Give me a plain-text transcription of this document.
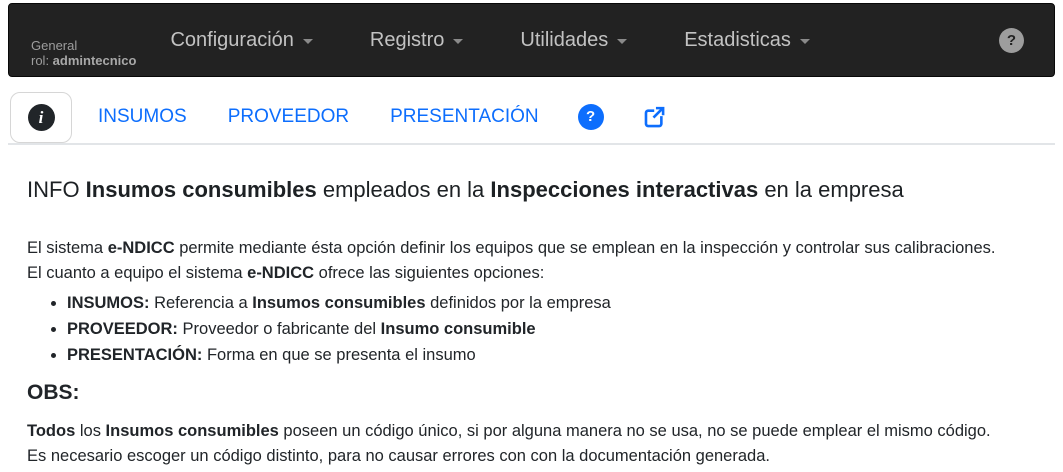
General
rol: admintecnico
Configuración	Registro	Utilidades	Estadisticas	?
i	INSUMOS PROVEEDOR PRESENTACIÓN	?
INFO Insumos consumibles empleados en la Inspecciones interactivas en la empresa
El sistema e-NDICC permite mediante ésta opción definir los equipos que se emplean en la inspección y controlar sus calibraciones.
El cuanto a equipo el sistema e-NDICC ofrece las siguientes opciones:
• INSUMOS: Referencia a Insumos consumibles definidos por la empresa
• PROVEEDOR: Proveedor o fabricante del Insumo consumible
• PRESENTACIÓN: Forma en que se presenta el insumo
OBS:
Todos los Insumos consumibles poseen un código único, si por alguna manera no se usa, no se puede emplear el mismo código.
Es necesario escoger un código distinto, para no causar errores con con la documentación generada.
